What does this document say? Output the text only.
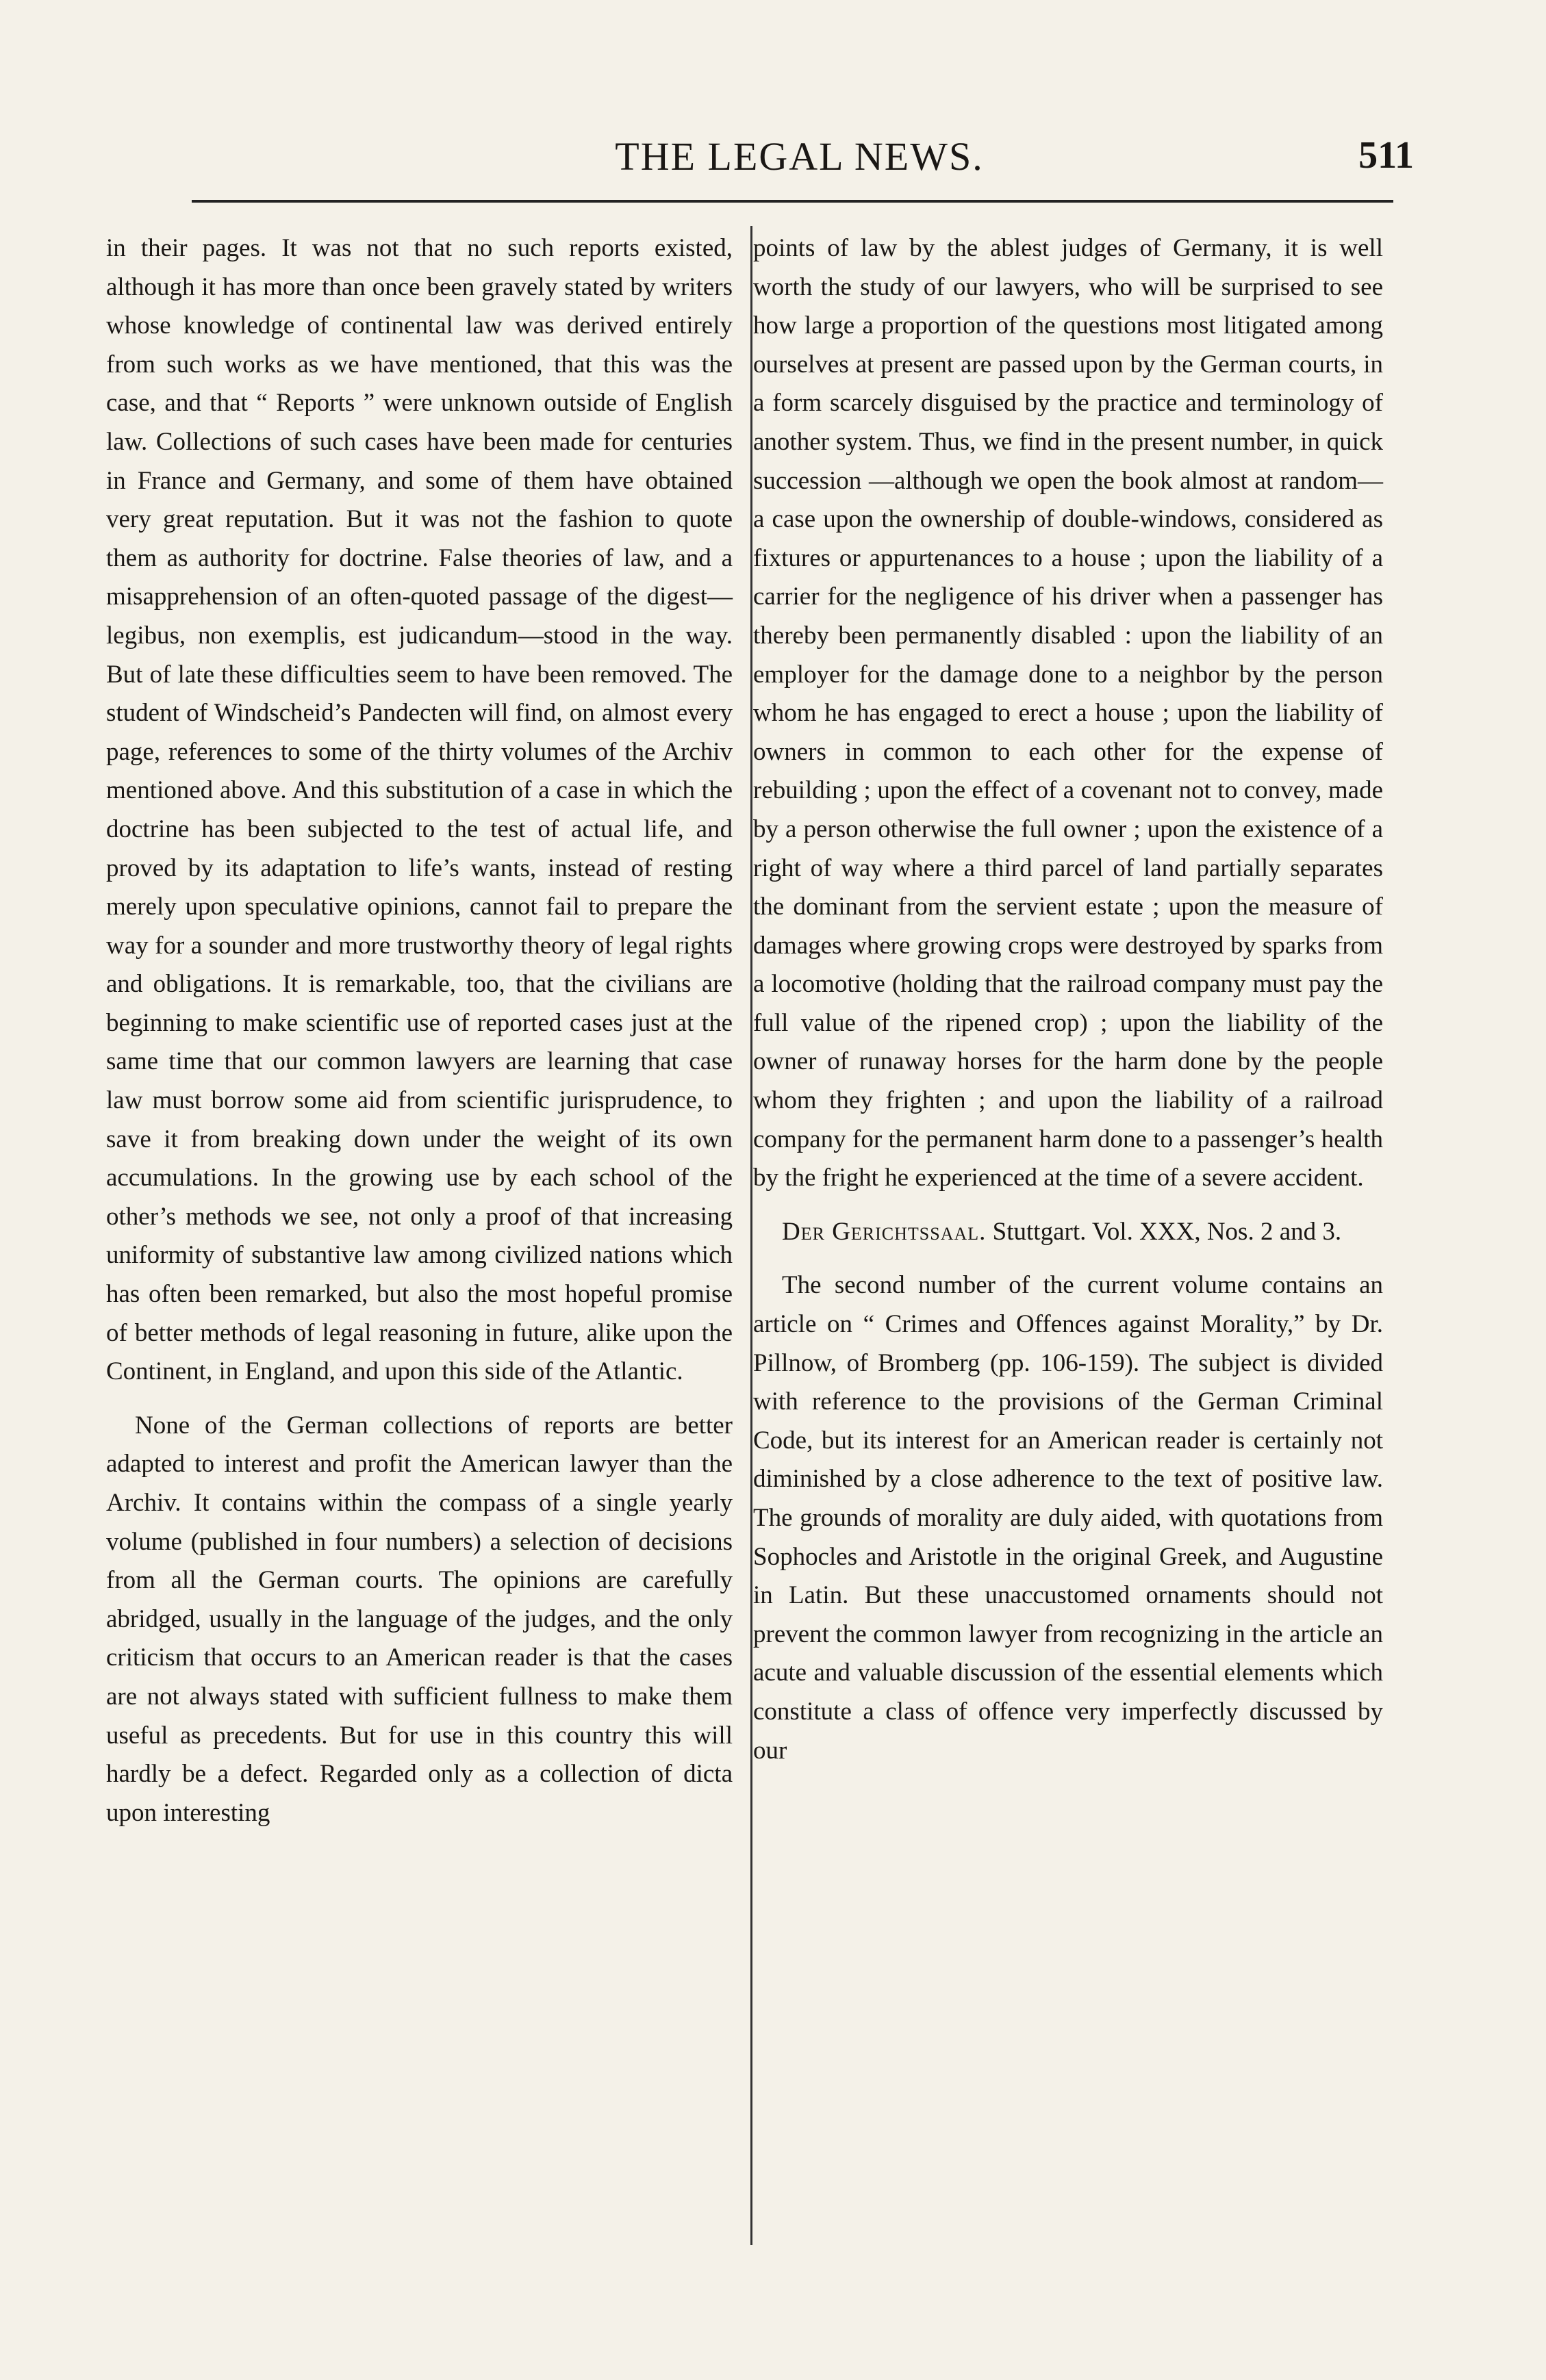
THE LEGAL NEWS.	511

in their pages. It was not that no such reports existed, although it has more than once been gravely stated by writers whose knowledge of continental law was derived entirely from such works as we have mentioned, that this was the case, and that “ Reports ” were unknown outside of English law. Collections of such cases have been made for centuries in France and Germany, and some of them have obtained very great reputation. But it was not the fashion to quote them as authority for doctrine. False theories of law, and a misapprehension of an often-quoted passage of the digest—legibus, non exemplis, est judicandum—stood in the way. But of late these difficulties seem to have been removed. The student of Windscheid’s Pandecten will find, on almost every page, references to some of the thirty volumes of the Archiv mentioned above. And this substitution of a case in which the doctrine has been subjected to the test of actual life, and proved by its adaptation to life’s wants, instead of resting merely upon speculative opinions, cannot fail to prepare the way for a sounder and more trustworthy theory of legal rights and obligations. It is remarkable, too, that the civilians are beginning to make scientific use of reported cases just at the same time that our common lawyers are learning that case law must borrow some aid from scientific jurisprudence, to save it from breaking down under the weight of its own accumulations. In the growing use by each school of the other’s methods we see, not only a proof of that increasing uniformity of substantive law among civilized nations which has often been remarked, but also the most hopeful promise of better methods of legal reasoning in future, alike upon the Continent, in England, and upon this side of the Atlantic.

None of the German collections of reports are better adapted to interest and profit the American lawyer than the Archiv. It contains within the compass of a single yearly volume (published in four numbers) a selection of decisions from all the German courts. The opinions are carefully abridged, usually in the language of the judges, and the only criticism that occurs to an American reader is that the cases are not always stated with sufficient fullness to make them useful as precedents. But for use in this country this will hardly be a defect. Regarded only as a collection of dicta upon interesting

points of law by the ablest judges of Germany, it is well worth the study of our lawyers, who will be surprised to see how large a proportion of the questions most litigated among ourselves at present are passed upon by the German courts, in a form scarcely disguised by the practice and terminology of another system. Thus, we find in the present number, in quick succession —although we open the book almost at random—a case upon the ownership of double-windows, considered as fixtures or appurtenances to a house ; upon the liability of a carrier for the negligence of his driver when a passenger has thereby been permanently disabled : upon the liability of an employer for the damage done to a neighbor by the person whom he has engaged to erect a house ; upon the liability of owners in common to each other for the expense of rebuilding ; upon the effect of a covenant not to convey, made by a person otherwise the full owner ; upon the existence of a right of way where a third parcel of land partially separates the dominant from the servient estate ; upon the measure of damages where growing crops were destroyed by sparks from a locomotive (holding that the railroad company must pay the full value of the ripened crop) ; upon the liability of the owner of runaway horses for the harm done by the people whom they frighten ; and upon the liability of a railroad company for the permanent harm done to a passenger’s health by the fright he experienced at the time of a severe accident.

Der Gerichtssaal. Stuttgart. Vol. XXX, Nos. 2 and 3.

The second number of the current volume contains an article on “ Crimes and Offences against Morality,” by Dr. Pillnow, of Bromberg (pp. 106-159). The subject is divided with reference to the provisions of the German Criminal Code, but its interest for an American reader is certainly not diminished by a close adherence to the text of positive law. The grounds of morality are duly aided, with quotations from Sophocles and Aristotle in the original Greek, and Augustine in Latin. But these unaccustomed ornaments should not prevent the common lawyer from recognizing in the article an acute and valuable discussion of the essential elements which constitute a class of offence very imperfectly discussed by our
